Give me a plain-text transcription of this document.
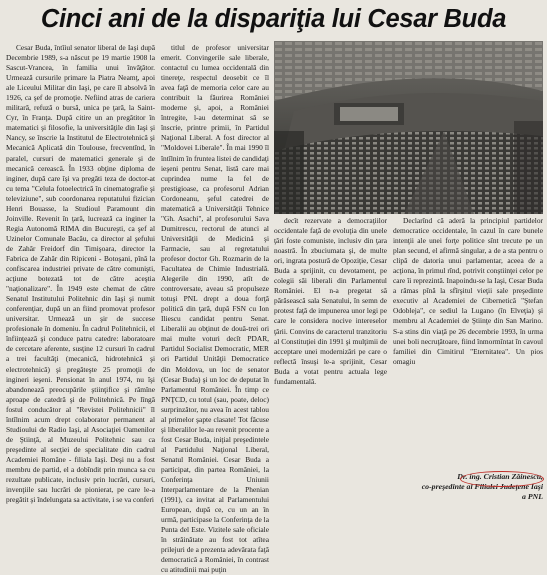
Cinci ani de la dispariţia lui Cesar Buda

Cesar Buda, întîiul senator liberal de Iaşi după Decembrie 1989, s-a născut pe 19 martie 1908 la Sascut-Vrancea, în familia unui învăţător. Urmează cursurile primare la Piatra Neamţ, apoi ale Liceului Militar din Iaşi, pe care îl absolvă în 1926, ca şef de promoţie. Nefiind atras de cariera militară, refuză o bursă, unica pe ţară, la Saint-Cyr, în Franţa. După citire un an pregătitor în matematici şi filosofie, la universităţile din Iaşi şi Nancy, se înscrie la Institutul de Electrotehnică şi Mecanică Aplicată din Toulouse, frecventînd, în paralel, cursuri de matematici generale şi de mecanică cerească. În 1933 obţine diploma de inginer, după care îşi va pregăti teza de doctor-at cu tema "Celula fotoelectrică în cinematografie şi televiziune", sub coordonarea reputatului fizician Henri Bouasse, la Studioul Paramount din Joinville. Revenit în ţară, lucrează ca inginer la Regia Autonomă RIMA din Bucureşti, ca şef al Uzinelor Comunale Bacău, ca director al şefului de Zahăr Freidorf din Timişoara, director la Fabrica de Zahăr din Ripiceni - Botoşani, pînă la confiscarea industriei private de către comunişti, acţiune botezată tot de către aceştia "naţionalizare". În 1949 este chemat de către Senatul Institutului Politehnic din Iaşi şi numit conferenţiar, după un an fiind promovat profesor universitar. Urmează un şir de succese profesionale în domeniu. În cadrul Politehnicii, el înfiinţează şi conduce patru catedre: laboratoare de cercetare aferente, susţine 12 cursuri în cadrul a trei facultăţi (mecanică, hidrotehnică şi electrotehnică) şi pregăteşte 25 promoţii de ingineri ieşeni. Pensionat în anul 1974, nu îşi abandonează preocupările ştiinţifice şi rămîne aproape de catedră şi de Politehnică. Pe lîngă fostul conducător al "Revistei Politehnicii" îl întîlnim acum drept colaborator permanent al Studioului de Radio Iaşi, al Asociaţiei Oamenilor de Ştiinţă, al Muzeului Politehnic sau ca preşedinte al secţiei de specialitate din cadrul Academiei Române - filiala Iaşi. Deşi nu a fost membru de partid, el a dobîndit prin munca sa cu rezultate publicate, inclusiv prin lucrări, cursuri, invenţiile sau lucrări de pionierat, pe care le-a pregătit şi îndelungata sa activitate, i se va conferi

titlul de profesor universitar emerit. Convingerile sale liberale, contactul cu lumea occidentală din tinereţe, respectul deosebit ce îl avea faţă de memoria celor care au contribuit la făurirea României moderne şi, apoi, a României întregite, l-au determinat să se înscrie, printre primii, în Partidul Naţional Liberal. A fost director al "Moldovei Liberale". În mai 1990 îl întîlnim în fruntea listei de candidaţi ieşeni pentru Senat, listă care mai cuprindea nume la fel de prestigioase, ca profesorul Adrian Cordoneanu, şeful catedrei de matematică a Universităţii Tehnice "Gh. Asachi", al profesorului Sava Dumitrescu, rectorul de atunci al Universităţii de Medicină şi Farmacie, sau al regretatului profesor doctor Gh. Rozmarin de la Facultatea de Chimie Industrială. Alegerile din 1990, atît de controversate, aveau să propulseze totuşi PNL drept a doua forţă politică din ţară, după FSN cu Ion Iliescu candidat pentru Senat. Liberalii au obţinut de două-trei ori mai multe voturi decît PDAR, Partidul Socialist Democratic, MER ori Partidul Unităţii Democratice din Moldova, un loc de senator (Cesar Buda) şi un loc de deputat în Parlamentul României. În timp ce PNŢCD, cu totul (sau, poate, deloc) surprinzător, nu avea în acest tablou al primelor şapte clasate! Tot făcuse şi liberalilor le-au revenit procente a fost Cesar Buda, iniţial preşedintele al Partidului Naţional Liberal, Senatul României. Cesar Buda a participat, din partea României, la Conferinţa Uniunii Interparlamentare de la Phenian (1991), ca invitat al Parlamentului European, după ce, cu un an în urmă, participase la Conferinţa de la Punta del Este. Vizitele sale oficiale în străinătate au fost tot atîtea prilejuri de a prezenta adevărata faţă democratică a României, în contrast cu atitudinii mai puţin

decît rezervate a democraţiilor occidentale faţă de evoluţia din unele ţări foste comuniste, inclusiv din ţara noastră. În zbuciumata şi, de multe ori, ingrata postură de Opoziţie, Cesar Buda a sprijinit, cu devotament, pe colegii săi liberali din Parlamentul României. El n-a pregetat să părăsească sala Senatului, în semn de protest faţă de impunerea unor legi pe care le considera nocive intereselor ţării. Convins de caracterul tranzitoriu al Constituţiei din 1991 şi mulţimii de acceptare unei modernizări pe care o reflectă însuşi le-a sprijinit, Cesar Buda a votat pentru actuala lege fundamentală.

Declarînd că aderă la principiul partidelor democratice occidentale, în cazul în care bunele intenţii ale unei forţe politice sînt trecute pe un plan secund, el afirmă singular, a de a sta pentru o clipă de datoria unui parlamentar, aceea de a acţiona, în primul rînd, potrivit conştiinţei celor pe care îi reprezintă. Inapoindu-se la Iaşi, Cesar Buda a rămas pînă la sfîrşitul vieţii sale preşedinte executiv al Academiei de Cibernetică "Ştefan Odobleja", ce sediul la Lugano (în Elveţia) şi membru al Academiei de Ştiinţe din San Marino. S-a stins din viaţă pe 26 decembrie 1993, în urma unei boli necruţătoare, fiind înmormîntat în cavoul familiei din Cimitirul "Eternitatea". Un pios omagiu

Dr. ing. Cristian Zăinescu,
co-preşedinte al Filialei Judeţene Iaşi
a PNL
